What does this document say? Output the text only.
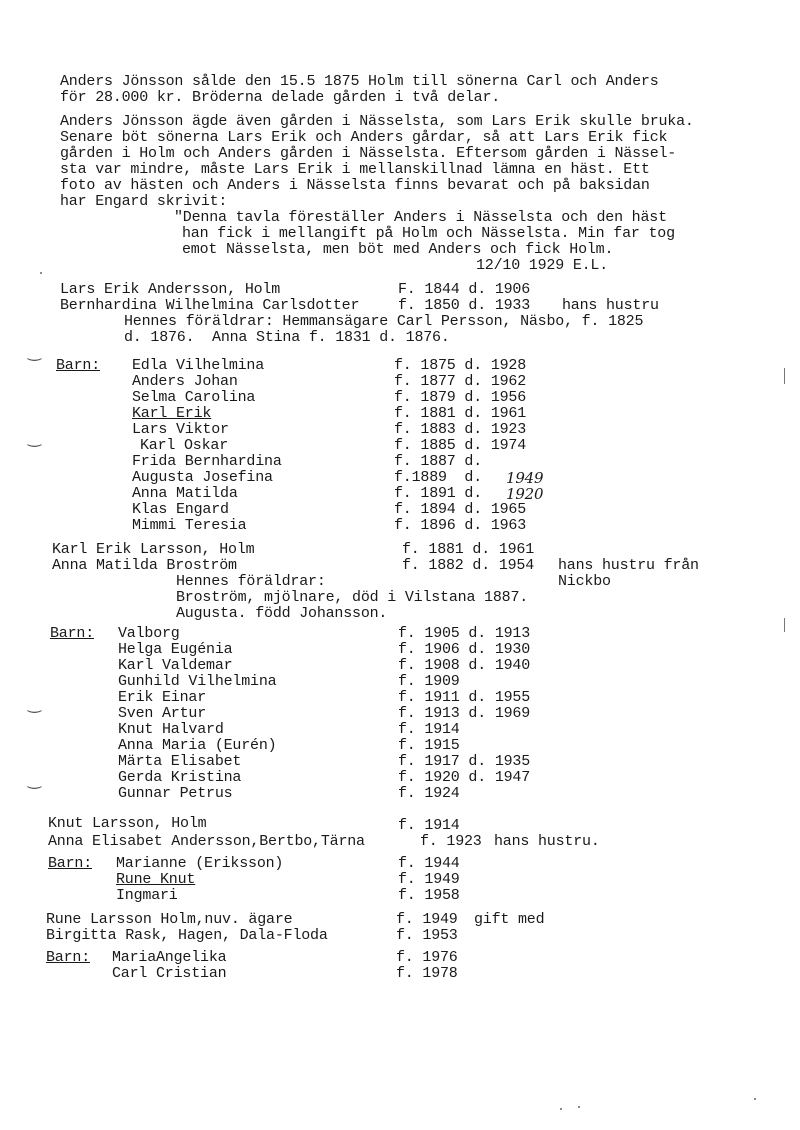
Anders Jönsson sålde den 15.5 1875 Holm till sönerna Carl och Anders
för 28.000 kr. Bröderna delade gården i två delar.
Anders Jönsson ägde även gården i Nässelsta, som Lars Erik skulle bruka.
Senare böt sönerna Lars Erik och Anders gårdar, så att Lars Erik fick
gården i Holm och Anders gården i Nässelsta. Eftersom gården i Nässel-
sta var mindre, måste Lars Erik i mellanskillnad lämna en häst. Ett
foto av hästen och Anders i Nässelsta finns bevarat och på baksidan
har Engard skrivit:
"Denna tavla föreställer Anders i Nässelsta och den häst
han fick i mellangift på Holm och Nässelsta. Min far tog
emot Nässelsta, men böt med Anders och fick Holm.
12/10 1929 E.L.
Lars Erik Andersson, Holm	F. 1844 d. 1906
Bernhardina Wilhelmina Carlsdotter	f. 1850 d. 1933 hans hustru
Hennes föräldrar: Hemmansägare Carl Persson, Näsbo, f. 1825
d. 1876.  Anna Stina f. 1831 d. 1876.
Barn: Edla Vilhelmina	f. 1875 d. 1928
Anders Johan	f. 1877 d. 1962
Selma Carolina	f. 1879 d. 1956
Karl Erik	f. 1881 d. 1961
Lars Viktor	f. 1883 d. 1923
Karl Oskar	f. 1885 d. 1974
Frida Bernhardina	f. 1887 d.
Augusta Josefina	f.1889  d. 1949
Anna Matilda	f. 1891 d. 1920
Klas Engard	f. 1894 d. 1965
Mimmi Teresia	f. 1896 d. 1963
Karl Erik Larsson, Holm	f. 1881 d. 1961
Anna Matilda Broström	f. 1882 d. 1954 hans hustru från
Nickbo
Hennes föräldrar:
Broström, mjölnare, död i Vilstana 1887.
Augusta. född Johansson.
Barn: Valborg	f. 1905 d. 1913
Helga Eugénia	f. 1906 d. 1930
Karl Valdemar	f. 1908 d. 1940
Gunhild Vilhelmina	f. 1909
Erik Einar	f. 1911 d. 1955
Sven Artur	f. 1913 d. 1969
Knut Halvard	f. 1914
Anna Maria (Eurén)	f. 1915
Märta Elisabet	f. 1917 d. 1935
Gerda Kristina	f. 1920 d. 1947
Gunnar Petrus	f. 1924
Knut Larsson, Holm	f. 1914
Anna Elisabet Andersson,Bertbo,Tärna	f. 1923 hans hustru.
Barn: Marianne (Eriksson)	f. 1944
Rune Knut	f. 1949
Ingmari	f. 1958
Rune Larsson Holm,nuv. ägare	f. 1949 gift med
Birgitta Rask, Hagen, Dala-Floda	f. 1953
Barn: MariaAngelika	f. 1976
Carl Cristian	f. 1978
‿
‿
‿
‿
